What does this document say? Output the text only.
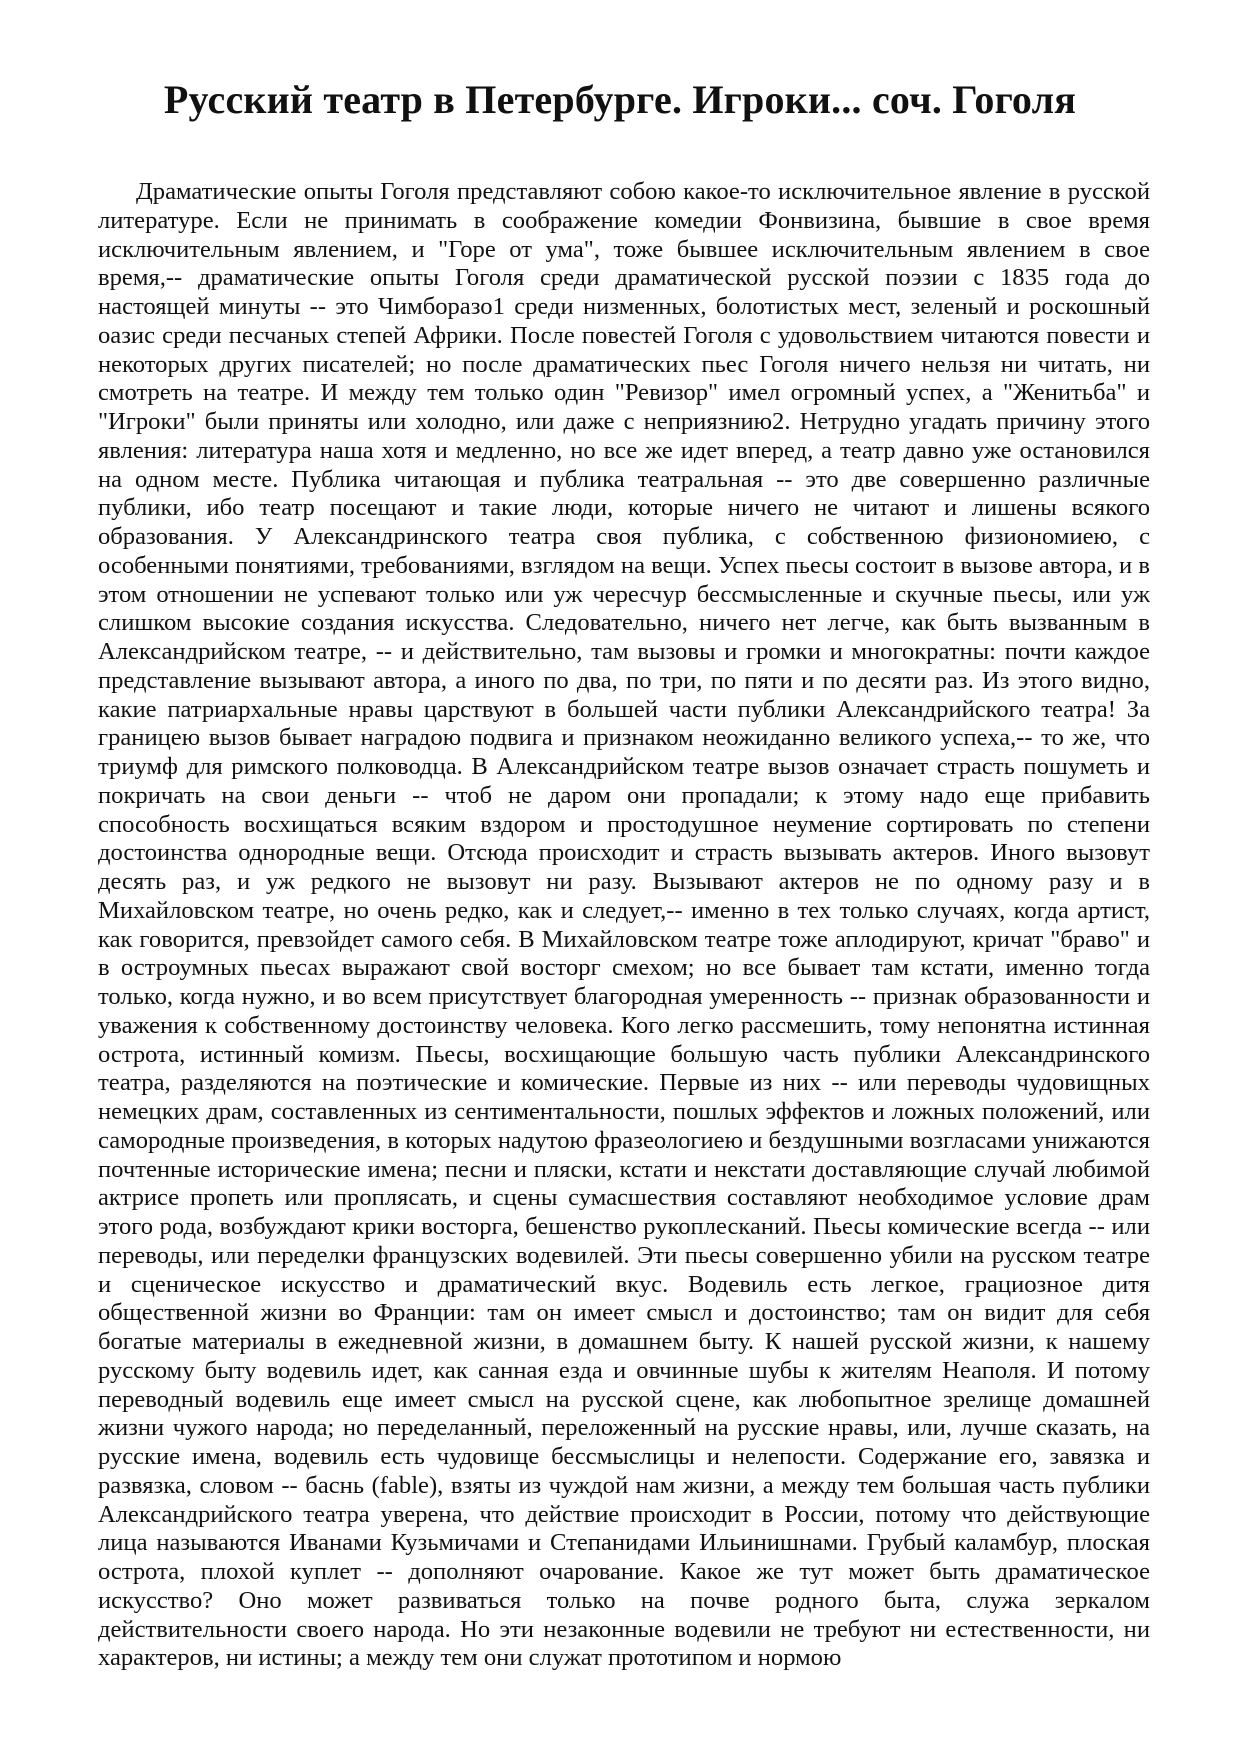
Русский театр в Петербурге. Игроки... соч. Гоголя

Драматические опыты Гоголя представляют собою какое-то исключительное явление в русской литературе. Если не принимать в соображение комедии Фонвизина, бывшие в свое время исключительным явлением, и "Горе от ума", тоже бывшее исключительным явлением в свое время,-- драматические опыты Гоголя среди драматической русской поэзии с 1835 года до настоящей минуты -- это Чимборазо1 среди низменных, болотистых мест, зеленый и роскошный оазис среди песчаных степей Африки. После повестей Гоголя с удовольствием читаются повести и некоторых других писателей; но после драматических пьес Гоголя ничего нельзя ни читать, ни смотреть на театре. И между тем только один "Ревизор" имел огромный успех, а "Женитьба" и "Игроки" были приняты или холодно, или даже с неприязнию2. Нетрудно угадать причину этого явления: литература наша хотя и медленно, но все же идет вперед, а театр давно уже остановился на одном месте. Публика читающая и публика театральная -- это две совершенно различные публики, ибо театр посещают и такие люди, которые ничего не читают и лишены всякого образования. У Александринского театра своя публика, с собственною физиономиею, с особенными понятиями, требованиями, взглядом на вещи. Успех пьесы состоит в вызове автора, и в этом отношении не успевают только или уж чересчур бессмысленные и скучные пьесы, или уж слишком высокие создания искусства. Следовательно, ничего нет легче, как быть вызванным в Александрийском театре, -- и действительно, там вызовы и громки и многократны: почти каждое представление вызывают автора, а иного по два, по три, по пяти и по десяти раз. Из этого видно, какие патриархальные нравы царствуют в большей части публики Александрийского театра! За границею вызов бывает наградою подвига и признаком неожиданно великого успеха,-- то же, что триумф для римского полководца. В Александрийском театре вызов означает страсть пошуметь и покричать на свои деньги -- чтоб не даром они пропадали; к этому надо еще прибавить способность восхищаться всяким вздором и простодушное неумение сортировать по степени достоинства однородные вещи. Отсюда происходит и страсть вызывать актеров. Иного вызовут десять раз, и уж редкого не вызовут ни разу. Вызывают актеров не по одному разу и в Михайловском театре, но очень редко, как и следует,-- именно в тех только случаях, когда артист, как говорится, превзойдет самого себя. В Михайловском театре тоже аплодируют, кричат "браво" и в остроумных пьесах выражают свой восторг смехом; но все бывает там кстати, именно тогда только, когда нужно, и во всем присутствует благородная умеренность -- признак образованности и уважения к собственному достоинству человека. Кого легко рассмешить, тому непонятна истинная острота, истинный комизм. Пьесы, восхищающие большую часть публики Александринского театра, разделяются на поэтические и комические. Первые из них -- или переводы чудовищных немецких драм, составленных из сентиментальности, пошлых эффектов и ложных положений, или самородные произведения, в которых надутою фразеологиею и бездушными возгласами унижаются почтенные исторические имена; песни и пляски, кстати и некстати доставляющие случай любимой актрисе пропеть или проплясать, и сцены сумасшествия составляют необходимое условие драм этого рода, возбуждают крики восторга, бешенство рукоплесканий. Пьесы комические всегда -- или переводы, или переделки французских водевилей. Эти пьесы совершенно убили на русском театре и сценическое искусство и драматический вкус. Водевиль есть легкое, грациозное дитя общественной жизни во Франции: там он имеет смысл и достоинство; там он видит для себя богатые материалы в ежедневной жизни, в домашнем быту. К нашей русской жизни, к нашему русскому быту водевиль идет, как санная езда и овчинные шубы к жителям Неаполя. И потому переводный водевиль еще имеет смысл на русской сцене, как любопытное зрелище домашней жизни чужого народа; но переделанный, переложенный на русские нравы, или, лучше сказать, на русские имена, водевиль есть чудовище бессмыслицы и нелепости. Содержание его, завязка и развязка, словом -- баснь (fable), взяты из чуждой нам жизни, а между тем большая часть публики Александрийского театра уверена, что действие происходит в России, потому что действующие лица называются Иванами Кузьмичами и Степанидами Ильинишнами. Грубый каламбур, плоская острота, плохой куплет -- дополняют очарование. Какое же тут может быть драматическое искусство? Оно может развиваться только на почве родного быта, служа зеркалом действительности своего народа. Но эти незаконные водевили не требуют ни естественности, ни характеров, ни истины; а между тем они служат прототипом и нормою
